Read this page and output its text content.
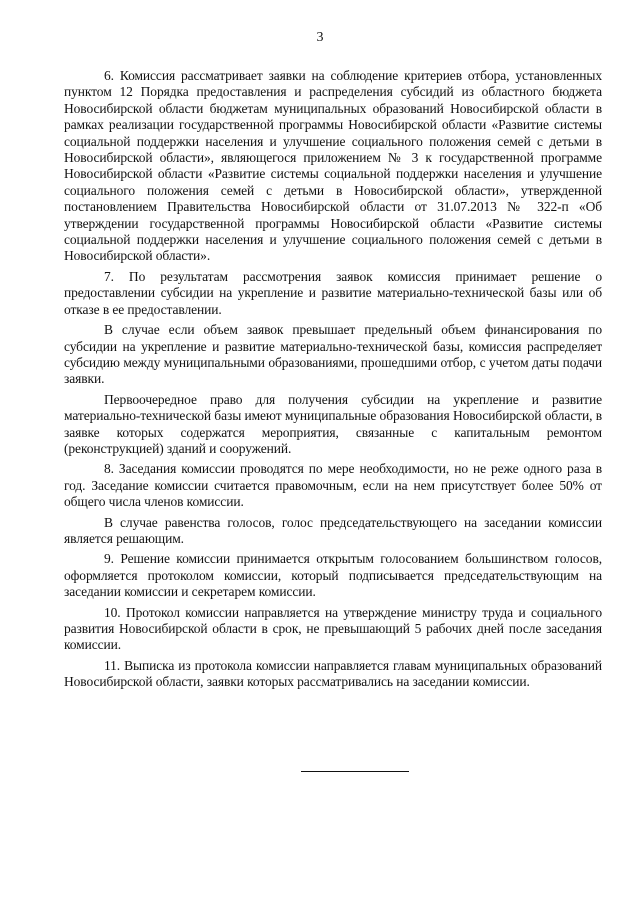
3

6. Комиссия рассматривает заявки на соблюдение критериев отбора, установленных пунктом 12 Порядка предоставления и распределения субсидий из областного бюджета Новосибирской области бюджетам муниципальных образований Новосибирской области в рамках реализации государственной программы Новосибирской области «Развитие системы социальной поддержки населения и улучшение социального положения семей с детьми в Новосибирской области», являющегося приложением № 3 к государственной программе Новосибирской области «Развитие системы социальной поддержки населения и улучшение социального положения семей с детьми в Новосибирской области», утвержденной постановлением Правительства Новосибирской области от 31.07.2013 № 322-п «Об утверждении государственной программы Новосибирской области «Развитие системы социальной поддержки населения и улучшение социального положения семей с детьми в Новосибирской области».

7. По результатам рассмотрения заявок комиссия принимает решение о предоставлении субсидии на укрепление и развитие материально-технической базы или об отказе в ее предоставлении.

В случае если объем заявок превышает предельный объем финансирования по субсидии на укрепление и развитие материально-технической базы, комиссия распределяет субсидию между муниципальными образованиями, прошедшими отбор, с учетом даты подачи заявки.

Первоочередное право для получения субсидии на укрепление и развитие материально-технической базы имеют муниципальные образования Новосибирской области, в заявке которых содержатся мероприятия, связанные с капитальным ремонтом (реконструкцией) зданий и сооружений.

8. Заседания комиссии проводятся по мере необходимости, но не реже одного раза в год. Заседание комиссии считается правомочным, если на нем присутствует более 50% от общего числа членов комиссии.

В случае равенства голосов, голос председательствующего на заседании комиссии является решающим.

9. Решение комиссии принимается открытым голосованием большинством голосов, оформляется протоколом комиссии, который подписывается председательствующим на заседании комиссии и секретарем комиссии.

10. Протокол комиссии направляется на утверждение министру труда и социального развития Новосибирской области в срок, не превышающий 5 рабочих дней после заседания комиссии.

11. Выписка из протокола комиссии направляется главам муниципальных образований Новосибирской области, заявки которых рассматривались на заседании комиссии.
